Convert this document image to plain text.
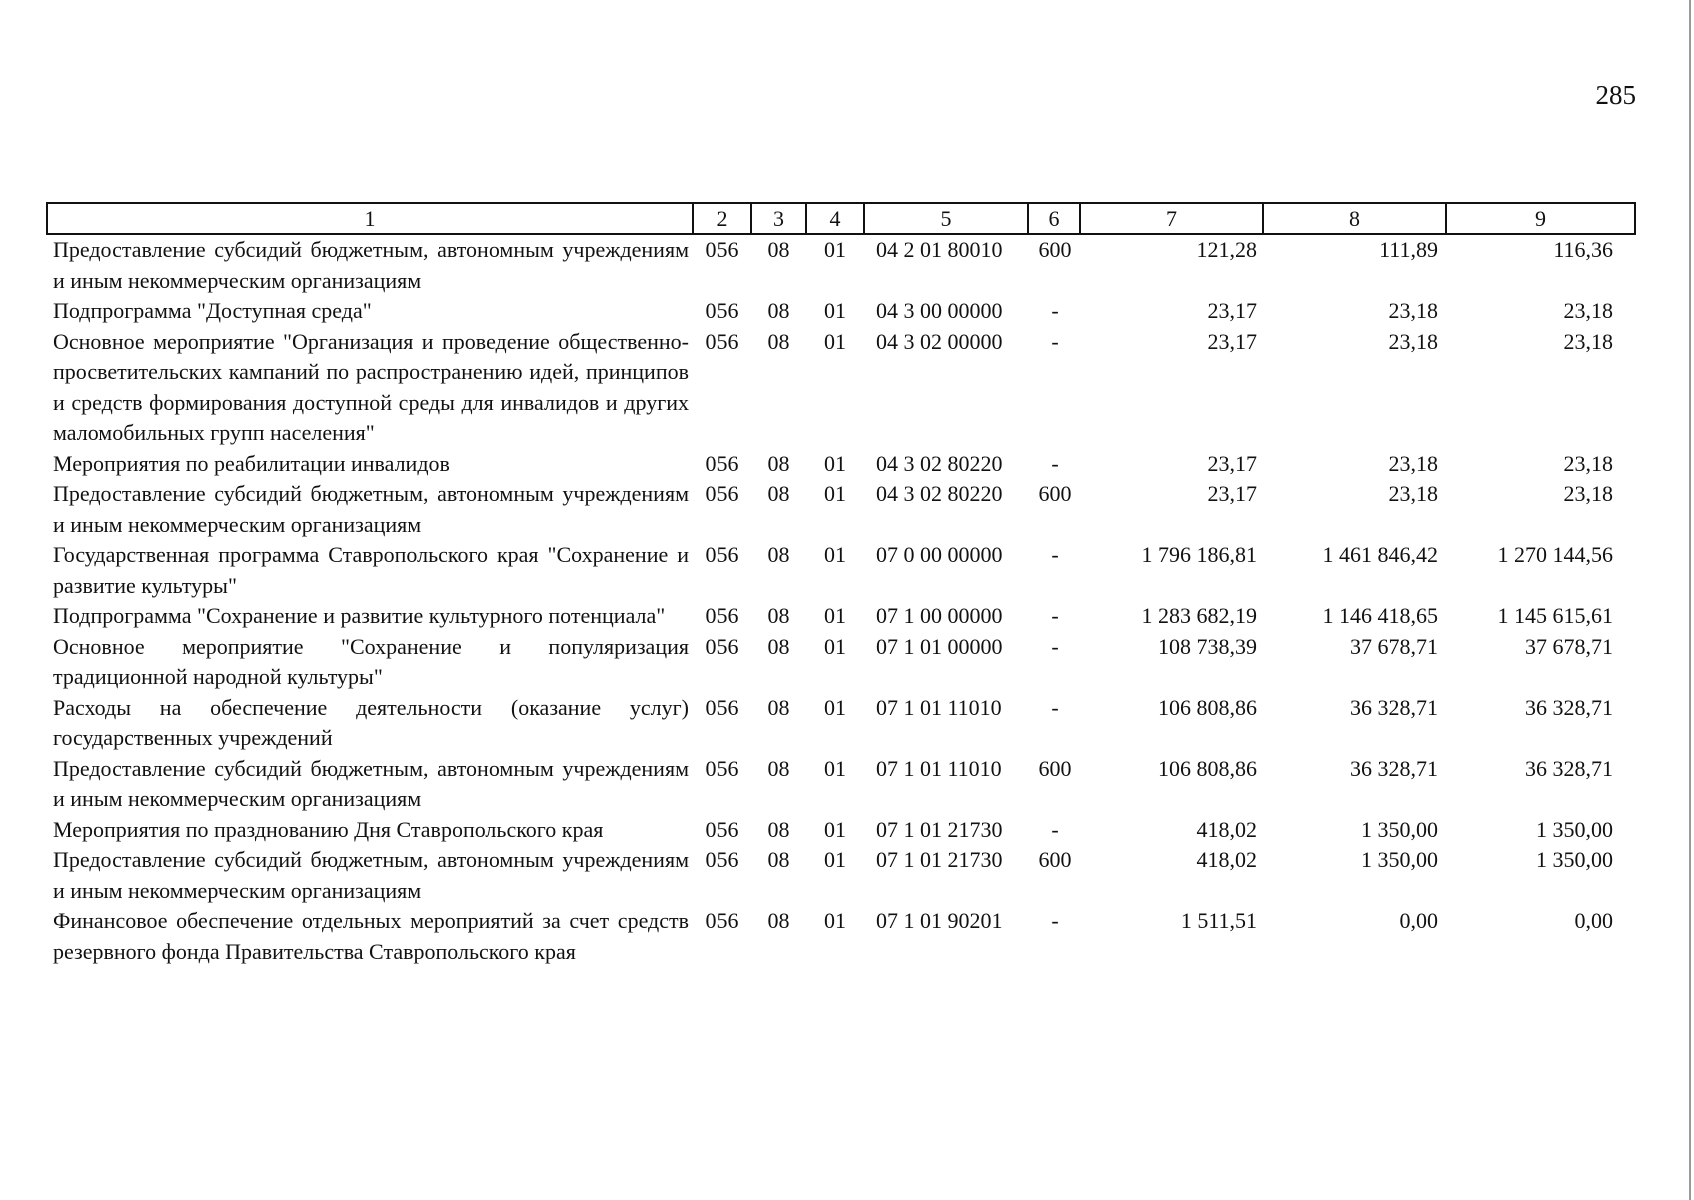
285
1	2	3	4	5	6	7	8	9
Предоставление субсидий бюджетным, автономным учреждениям и иным некоммерческим организациям	056	08	01	04 2 01 80010	600	121,28	111,89	116,36
Подпрограмма "Доступная среда"	056	08	01	04 3 00 00000	-	23,17	23,18	23,18
Основное мероприятие "Организация и проведение общественно-просветительских кампаний по распространению идей, принципов и средств формирования доступной среды для инвалидов и других маломобильных групп населения"	056	08	01	04 3 02 00000	-	23,17	23,18	23,18
Мероприятия по реабилитации инвалидов	056	08	01	04 3 02 80220	-	23,17	23,18	23,18
Предоставление субсидий бюджетным, автономным учреждениям и иным некоммерческим организациям	056	08	01	04 3 02 80220	600	23,17	23,18	23,18
Государственная программа Ставропольского края "Сохранение и развитие культуры"	056	08	01	07 0 00 00000	-	1 796 186,81	1 461 846,42	1 270 144,56
Подпрограмма "Сохранение и развитие культурного потенциала"	056	08	01	07 1 00 00000	-	1 283 682,19	1 146 418,65	1 145 615,61
Основное мероприятие "Сохранение и популяризация традиционной народной культуры"	056	08	01	07 1 01 00000	-	108 738,39	37 678,71	37 678,71
Расходы на обеспечение деятельности (оказание услуг) государственных учреждений	056	08	01	07 1 01 11010	-	106 808,86	36 328,71	36 328,71
Предоставление субсидий бюджетным, автономным учреждениям и иным некоммерческим организациям	056	08	01	07 1 01 11010	600	106 808,86	36 328,71	36 328,71
Мероприятия по празднованию Дня Ставропольского края	056	08	01	07 1 01 21730	-	418,02	1 350,00	1 350,00
Предоставление субсидий бюджетным, автономным учреждениям и иным некоммерческим организациям	056	08	01	07 1 01 21730	600	418,02	1 350,00	1 350,00
Финансовое обеспечение отдельных мероприятий за счет средств резервного фонда Правительства Ставропольского края	056	08	01	07 1 01 90201	-	1 511,51	0,00	0,00
